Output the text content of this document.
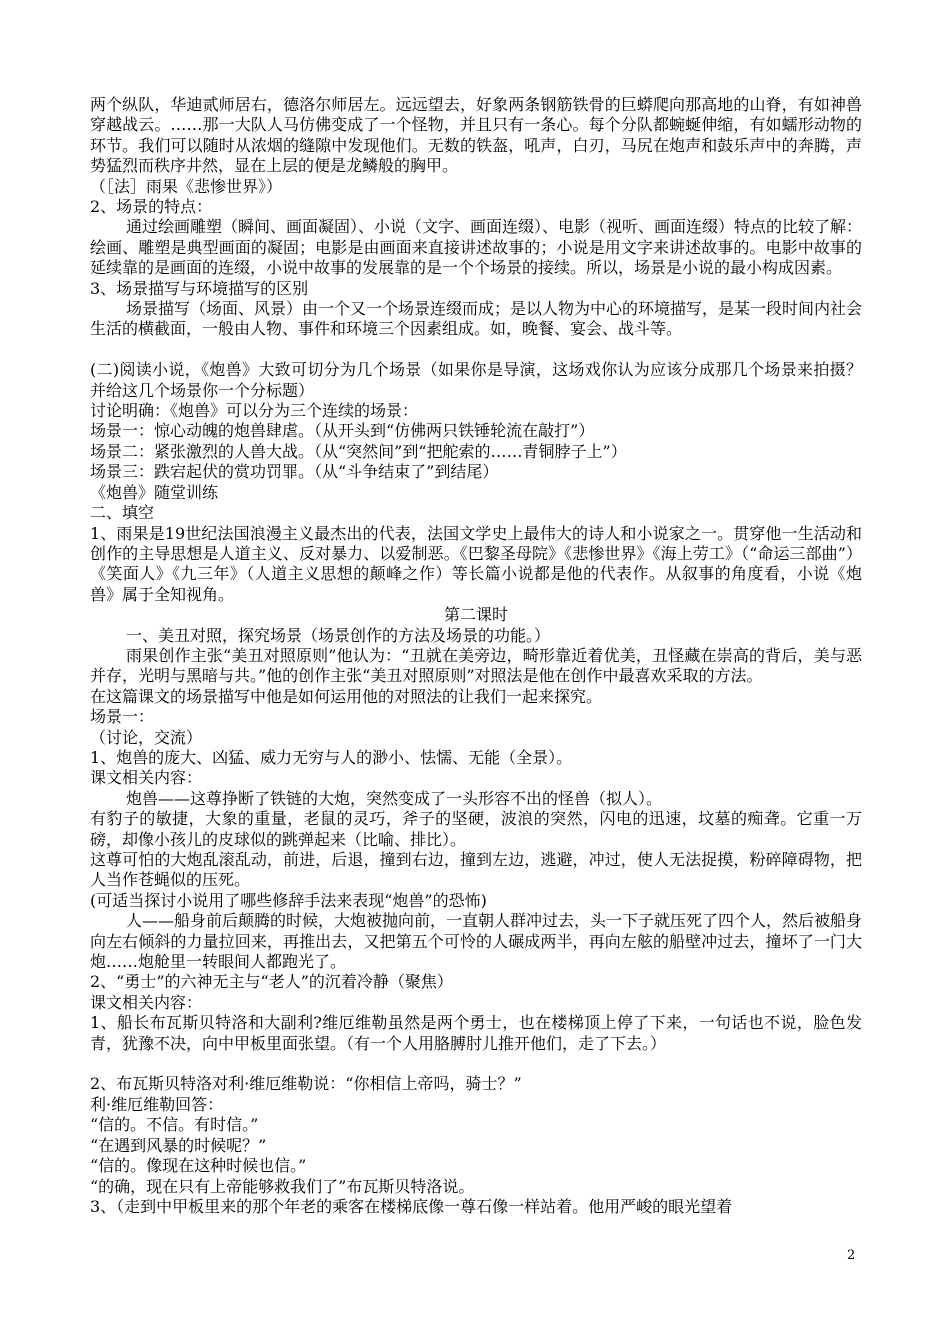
两个纵队，华迪贰师居右，德洛尔师居左。远远望去，好象两条钢筋铁骨的巨蟒爬向那高地的山脊，有如神兽穿越战云。……那一大队人马仿佛变成了一个怪物，并且只有一条心。每个分队都蜿蜒伸缩，有如蠕形动物的环节。我们可以随时从浓烟的缝隙中发现他们。无数的铁盔，吼声，白刃，马尻在炮声和鼓乐声中的奔腾，声势猛烈而秩序井然，显在上层的便是龙鳞般的胸甲。

（［法］雨果《悲惨世界》）

2、场景的特点：

通过绘画雕塑（瞬间、画面凝固）、小说（文字、画面连缀）、电影（视听、画面连缀）特点的比较了解：

绘画、雕塑是典型画面的凝固；电影是由画面来直接讲述故事的；小说是用文字来讲述故事的。电影中故事的延续靠的是画面的连缀，小说中故事的发展靠的是一个个场景的接续。所以，场景是小说的最小构成因素。

3、场景描写与环境描写的区别

场景描写（场面、风景）由一个又一个场景连缀而成；是以人物为中心的环境描写，是某一段时间内社会生活的横截面，一般由人物、事件和环境三个因素组成。如，晚餐、宴会、战斗等。

(二)阅读小说，《炮兽》大致可切分为几个场景（如果你是导演，这场戏你认为应该分成那几个场景来拍摄？并给这几个场景你一个分标题）

讨论明确：《炮兽》可以分为三个连续的场景：

场景一：惊心动魄的炮兽肆虐。（从开头到“仿佛两只铁锤轮流在敲打”）

场景二：紧张激烈的人兽大战。（从“突然间”到“把舵索的……青铜脖子上”）

场景三：跌宕起伏的赏功罚罪。（从“斗争结束了”到结尾）

《炮兽》随堂训练

二、填空

1、雨果是19世纪法国浪漫主义最杰出的代表，法国文学史上最伟大的诗人和小说家之一。贯穿他一生活动和创作的主导思想是人道主义、反对暴力、以爱制恶。《巴黎圣母院》《悲惨世界》《海上劳工》（“命运三部曲”）《笑面人》《九三年》（人道主义思想的颠峰之作）等长篇小说都是他的代表作。从叙事的角度看，小说《炮兽》属于全知视角。

第二课时

一、美丑对照，探究场景（场景创作的方法及场景的功能。）

雨果创作主张“美丑对照原则”他认为：“丑就在美旁边，畸形靠近着优美，丑怪藏在崇高的背后，美与恶并存，光明与黑暗与共。”他的创作主张“美丑对照原则”对照法是他在创作中最喜欢采取的方法。

在这篇课文的场景描写中他是如何运用他的对照法的让我们一起来探究。

场景一：

（讨论，交流）

1、炮兽的庞大、凶猛、威力无穷与人的渺小、怯懦、无能（全景）。

课文相关内容：

炮兽——这尊挣断了铁链的大炮，突然变成了一头形容不出的怪兽（拟人）。

有豹子的敏捷，大象的重量，老鼠的灵巧，斧子的坚硬，波浪的突然，闪电的迅速，坟墓的痴聋。它重一万磅，却像小孩儿的皮球似的跳弹起来（比喻、排比）。

这尊可怕的大炮乱滚乱动，前进，后退，撞到右边，撞到左边，逃避，冲过，使人无法捉摸，粉碎障碍物，把人当作苍蝇似的压死。

(可适当探讨小说用了哪些修辞手法来表现“炮兽”的恐怖)

人——船身前后颠腾的时候，大炮被抛向前，一直朝人群冲过去，头一下子就压死了四个人，然后被船身向左右倾斜的力量拉回来，再推出去，又把第五个可怜的人碾成两半，再向左舷的船壁冲过去，撞坏了一门大炮……炮舱里一转眼间人都跑光了。

2、“勇士”的六神无主与“老人”的沉着冷静（聚焦）

课文相关内容：

1、船长布瓦斯贝特洛和大副利?维厄维勒虽然是两个勇士，也在楼梯顶上停了下来，一句话也不说，脸色发青，犹豫不决，向中甲板里面张望。（有一个人用胳膊肘儿推开他们，走了下去。）

2、布瓦斯贝特洛对利·维厄维勒说：“你相信上帝吗，骑士？”

利·维厄维勒回答：

“信的。不信。有时信。”

“在遇到风暴的时候呢？”

“信的。像现在这种时候也信。”

“的确，现在只有上帝能够救我们了”布瓦斯贝特洛说。

3、（走到中甲板里来的那个年老的乘客在楼梯底像一尊石像一样站着。他用严峻的眼光望着

2
